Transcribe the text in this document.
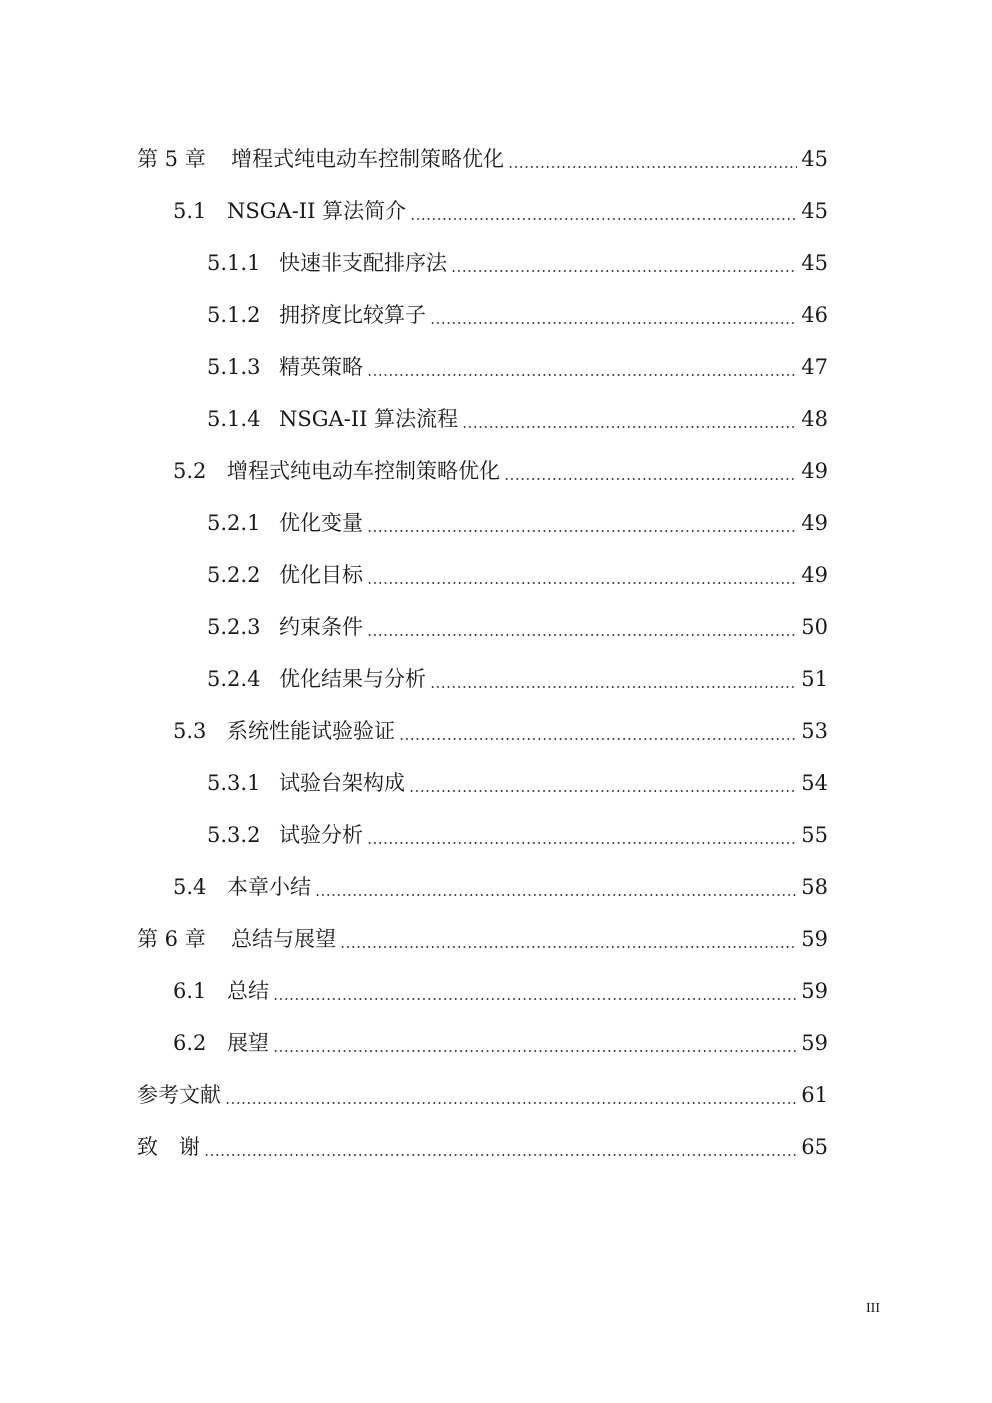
第 5 章	增程式纯电动车控制策略优化	45
5.1 NSGA-II 算法简介	45
5.1.1 快速非支配排序法	45
5.1.2 拥挤度比较算子	46
5.1.3 精英策略	47
5.1.4 NSGA-II 算法流程	48
5.2 增程式纯电动车控制策略优化	49
5.2.1 优化变量	49
5.2.2 优化目标	49
5.2.3 约束条件	50
5.2.4 优化结果与分析	51
5.3 系统性能试验验证	53
5.3.1 试验台架构成	54
5.3.2 试验分析	55
5.4 本章小结	58
第 6 章	总结与展望	59
6.1 总结	59
6.2 展望	59
参考文献	61
致　谢	65
III
